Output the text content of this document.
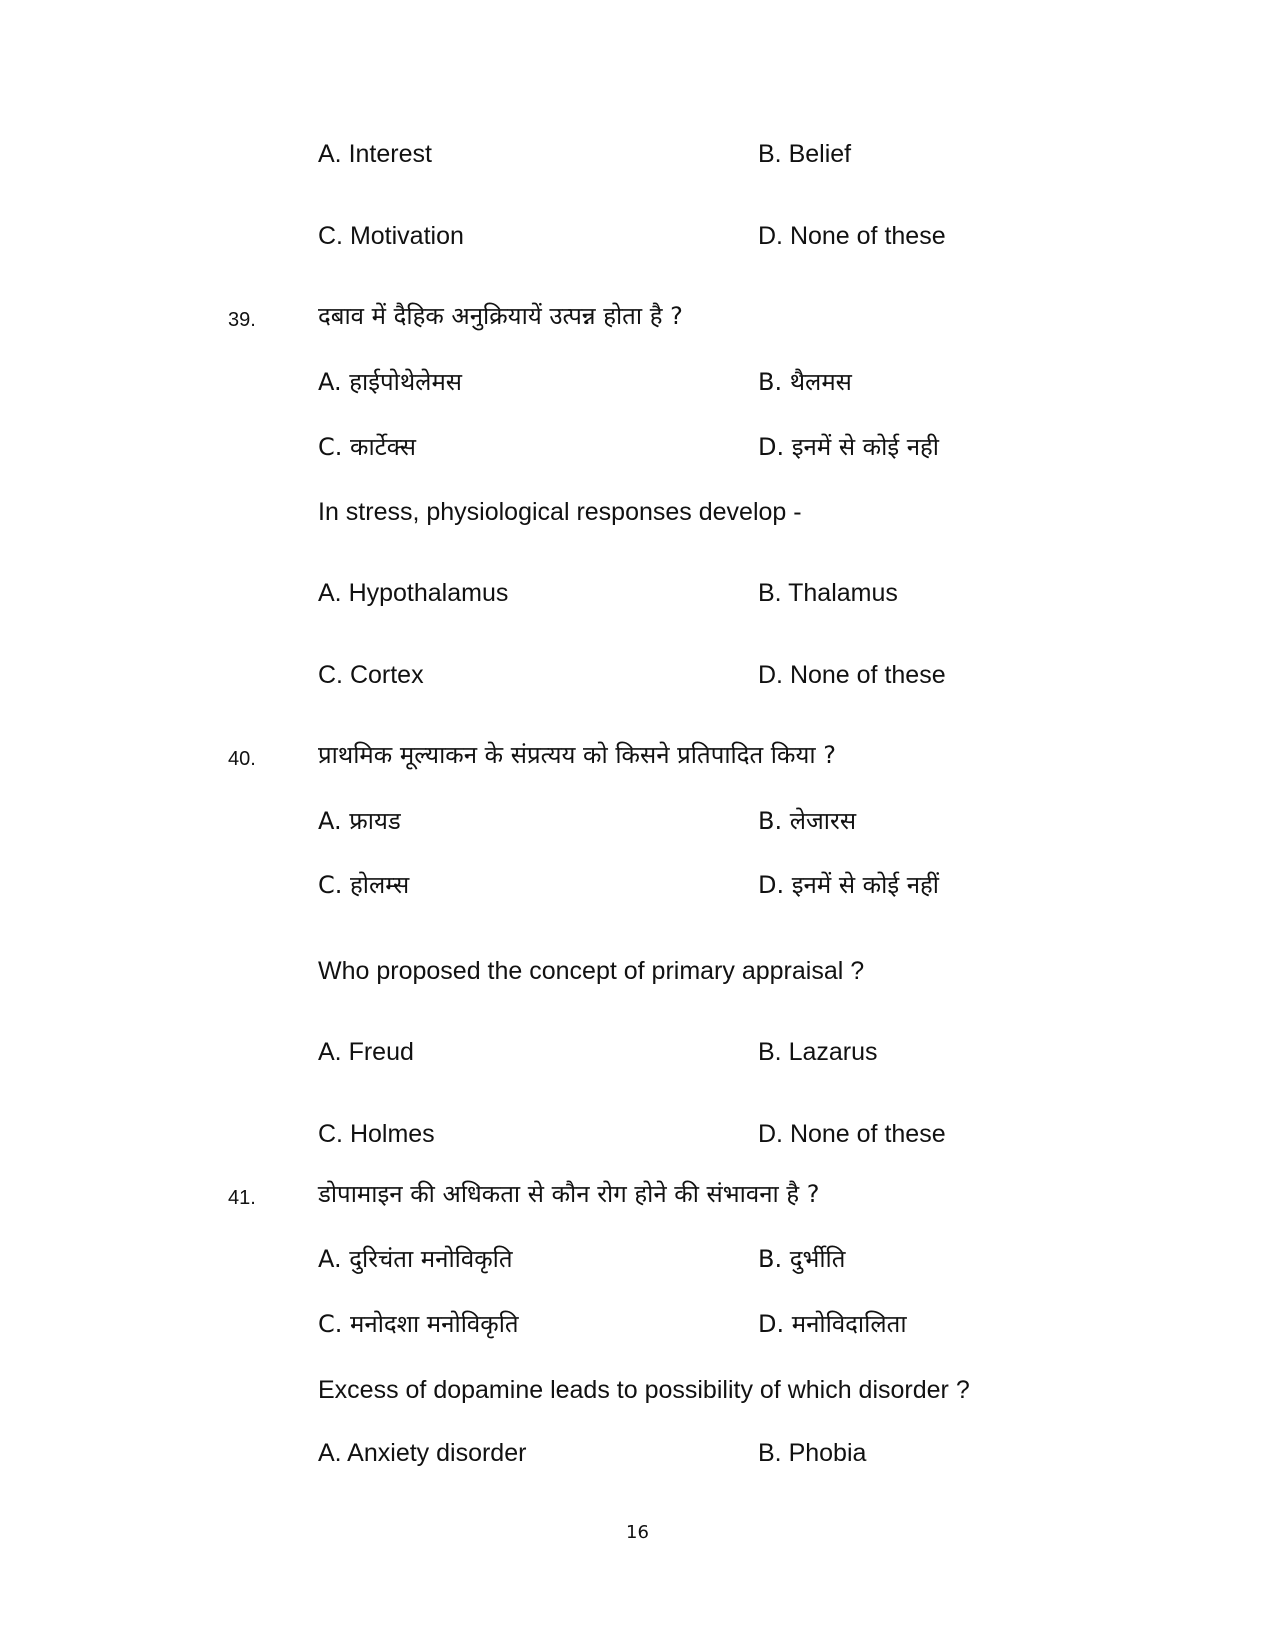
A. Interest	B. Belief
C. Motivation	D. None of these
39.	दबाव में दैहिक अनुक्रियायें उत्पन्न होता है ?
A. हाईपोथेलेमस	B. थैलमस
C. कार्टेक्स	D. इनमें से कोई नही
In stress, physiological responses develop -
A. Hypothalamus	B. Thalamus
C. Cortex	D. None of these
40.	प्राथमिक मूल्याकन के संप्रत्यय को किसने प्रतिपादित किया ?
A. फ्रायड	B. लेजारस
C. होलम्स	D. इनमें से कोई नहीं
Who proposed the concept of primary appraisal ?
A. Freud	B. Lazarus
C. Holmes	D. None of these
41.	डोपामाइन की अधिकता से कौन रोग होने की संभावना है ?
A. दुरिचंता मनोविकृति	B. दुर्भीति
C. मनोदशा मनोविकृति	D. मनोविदालिता
Excess of dopamine leads to possibility of which disorder ?
A. Anxiety disorder	B. Phobia
16
